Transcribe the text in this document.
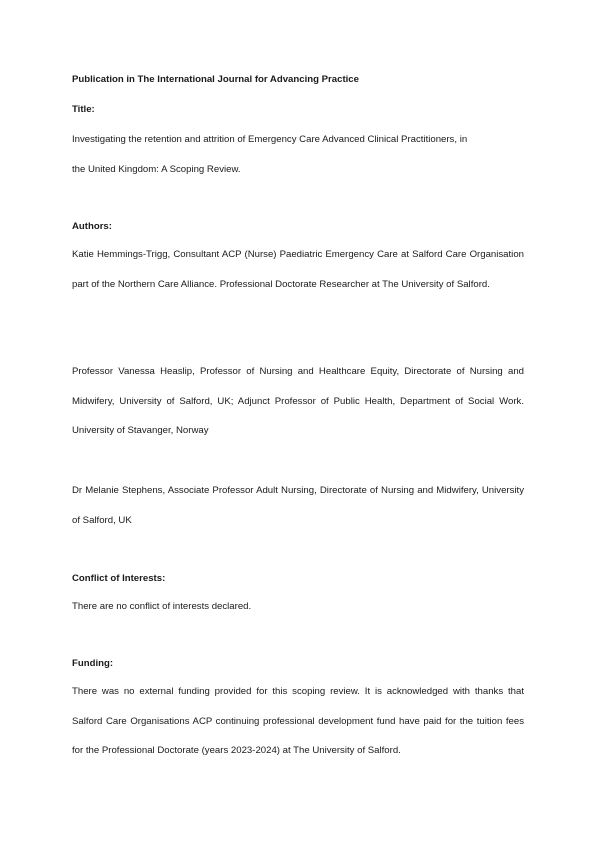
Publication in The International Journal for Advancing Practice
Title:
Investigating the retention and attrition of Emergency Care Advanced Clinical Practitioners, in
the United Kingdom: A Scoping Review.
Authors:
Katie Hemmings-Trigg, Consultant ACP (Nurse) Paediatric Emergency Care at Salford Care Organisation part of the Northern Care Alliance. Professional Doctorate Researcher at The University of Salford.
Professor Vanessa Heaslip, Professor of Nursing and Healthcare Equity, Directorate of Nursing and Midwifery, University of Salford, UK; Adjunct Professor of Public Health, Department of Social Work. University of Stavanger, Norway
Dr Melanie Stephens, Associate Professor Adult Nursing, Directorate of Nursing and Midwifery, University of Salford, UK
Conflict of Interests:
There are no conflict of interests declared.
Funding:
There was no external funding provided for this scoping review. It is acknowledged with thanks that Salford Care Organisations ACP continuing professional development fund have paid for the tuition fees for the Professional Doctorate (years 2023-2024) at The University of Salford.
